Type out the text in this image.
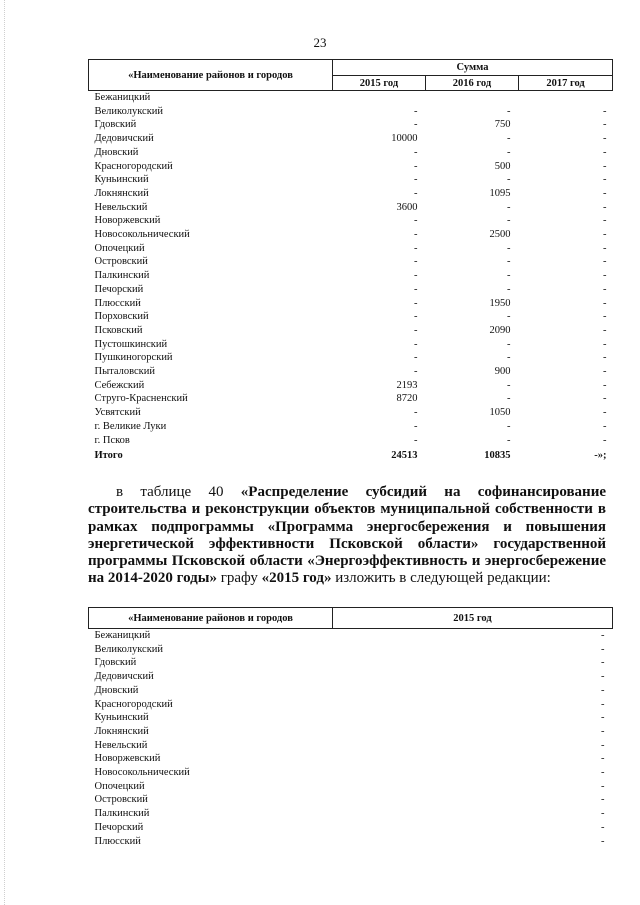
23
«Наименование районов и городов	Сумма		
	2015 год	2016 год	2017 год
Бежаницкий			
Великолукский	-	-	-
Гдовский	-	750	-
Дедовичский	10000	-	-
Дновский	-	-	-
Красногородский	-	500	-
Куньинский	-	-	-
Локнянский	-	1095	-
Невельский	3600	-	-
Новоржевский	-	-	-
Новосокольнический	-	2500	-
Опочецкий	-	-	-
Островский	-	-	-
Палкинский	-	-	-
Печорский	-	-	-
Плюсский	-	1950	-
Порховский	-	-	-
Псковский	-	2090	-
Пустошкинский	-	-	-
Пушкиногорский	-	-	-
Пыталовский	-	900	-
Себежский	2193	-	-
Струго-Красненский	8720	-	-
Усвятский	-	1050	-
г. Великие Луки	-	-	-
г. Псков	-	-	-
Итого	24513	10835	-»;
в таблице 40 «Распределение субсидий на софинансирование строительства и реконструкции объектов муниципальной собственности в рамках подпрограммы «Программа энергосбережения и повышения энергетической эффективности Псковской области» государственной программы Псковской области «Энергоэффективность и энергосбережение на 2014-2020 годы» графу «2015 год» изложить в следующей редакции:
«Наименование районов и городов	2015 год
Бежаницкий	-
Великолукский	-
Гдовский	-
Дедовичский	-
Дновский	-
Красногородский	-
Куньинский	-
Локнянский	-
Невельский	-
Новоржевский	-
Новосокольнический	-
Опочецкий	-
Островский	-
Палкинский	-
Печорский	-
Плюсский	-
